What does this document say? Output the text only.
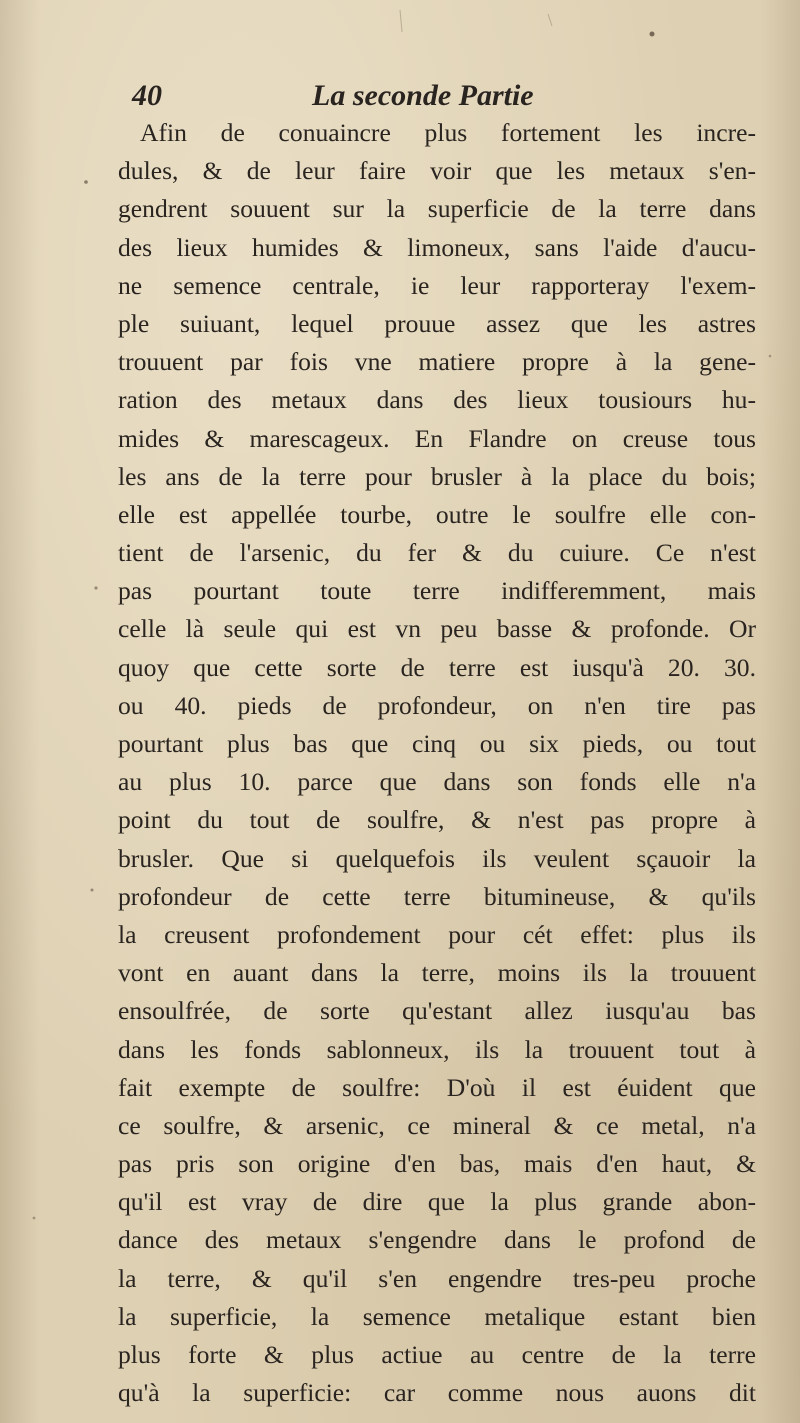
40	La seconde Partie
Afin de conuaincre plus fortement les incre-
dules, & de leur faire voir que les metaux s'en-
gendrent souuent sur la superficie de la terre dans
des lieux humides & limoneux, sans l'aide d'aucu-
ne semence centrale, ie leur rapporteray l'exem-
ple suiuant, lequel prouue assez que les astres
trouuent par fois vne matiere propre à la gene-
ration des metaux dans des lieux tousiours hu-
mides & marescageux. En Flandre on creuse tous
les ans de la terre pour brusler à la place du bois;
elle est appellée tourbe, outre le soulfre elle con-
tient de l'arsenic, du fer & du cuiure. Ce n'est
pas pourtant toute terre indifferemment, mais
celle là seule qui est vn peu basse & profonde. Or
quoy que cette sorte de terre est iusqu'à 20. 30.
ou 40. pieds de profondeur, on n'en tire pas
pourtant plus bas que cinq ou six pieds, ou tout
au plus 10. parce que dans son fonds elle n'a
point du tout de soulfre, & n'est pas propre à
brusler. Que si quelquefois ils veulent sçauoir la
profondeur de cette terre bitumineuse, & qu'ils
la creusent profondement pour cét effet: plus ils
vont en auant dans la terre, moins ils la trouuent
ensoulfrée, de sorte qu'estant allez iusqu'au bas
dans les fonds sablonneux, ils la trouuent tout à
fait exempte de soulfre: D'où il est éuident que
ce soulfre, & arsenic, ce mineral & ce metal, n'a
pas pris son origine d'en bas, mais d'en haut, &
qu'il est vray de dire que la plus grande abon-
dance des metaux s'engendre dans le profond de
la terre, & qu'il s'en engendre tres-peu proche
la superficie, la semence metalique estant bien
plus forte & plus actiue au centre de la terre
qu'à la superficie: car comme nous auons dit
